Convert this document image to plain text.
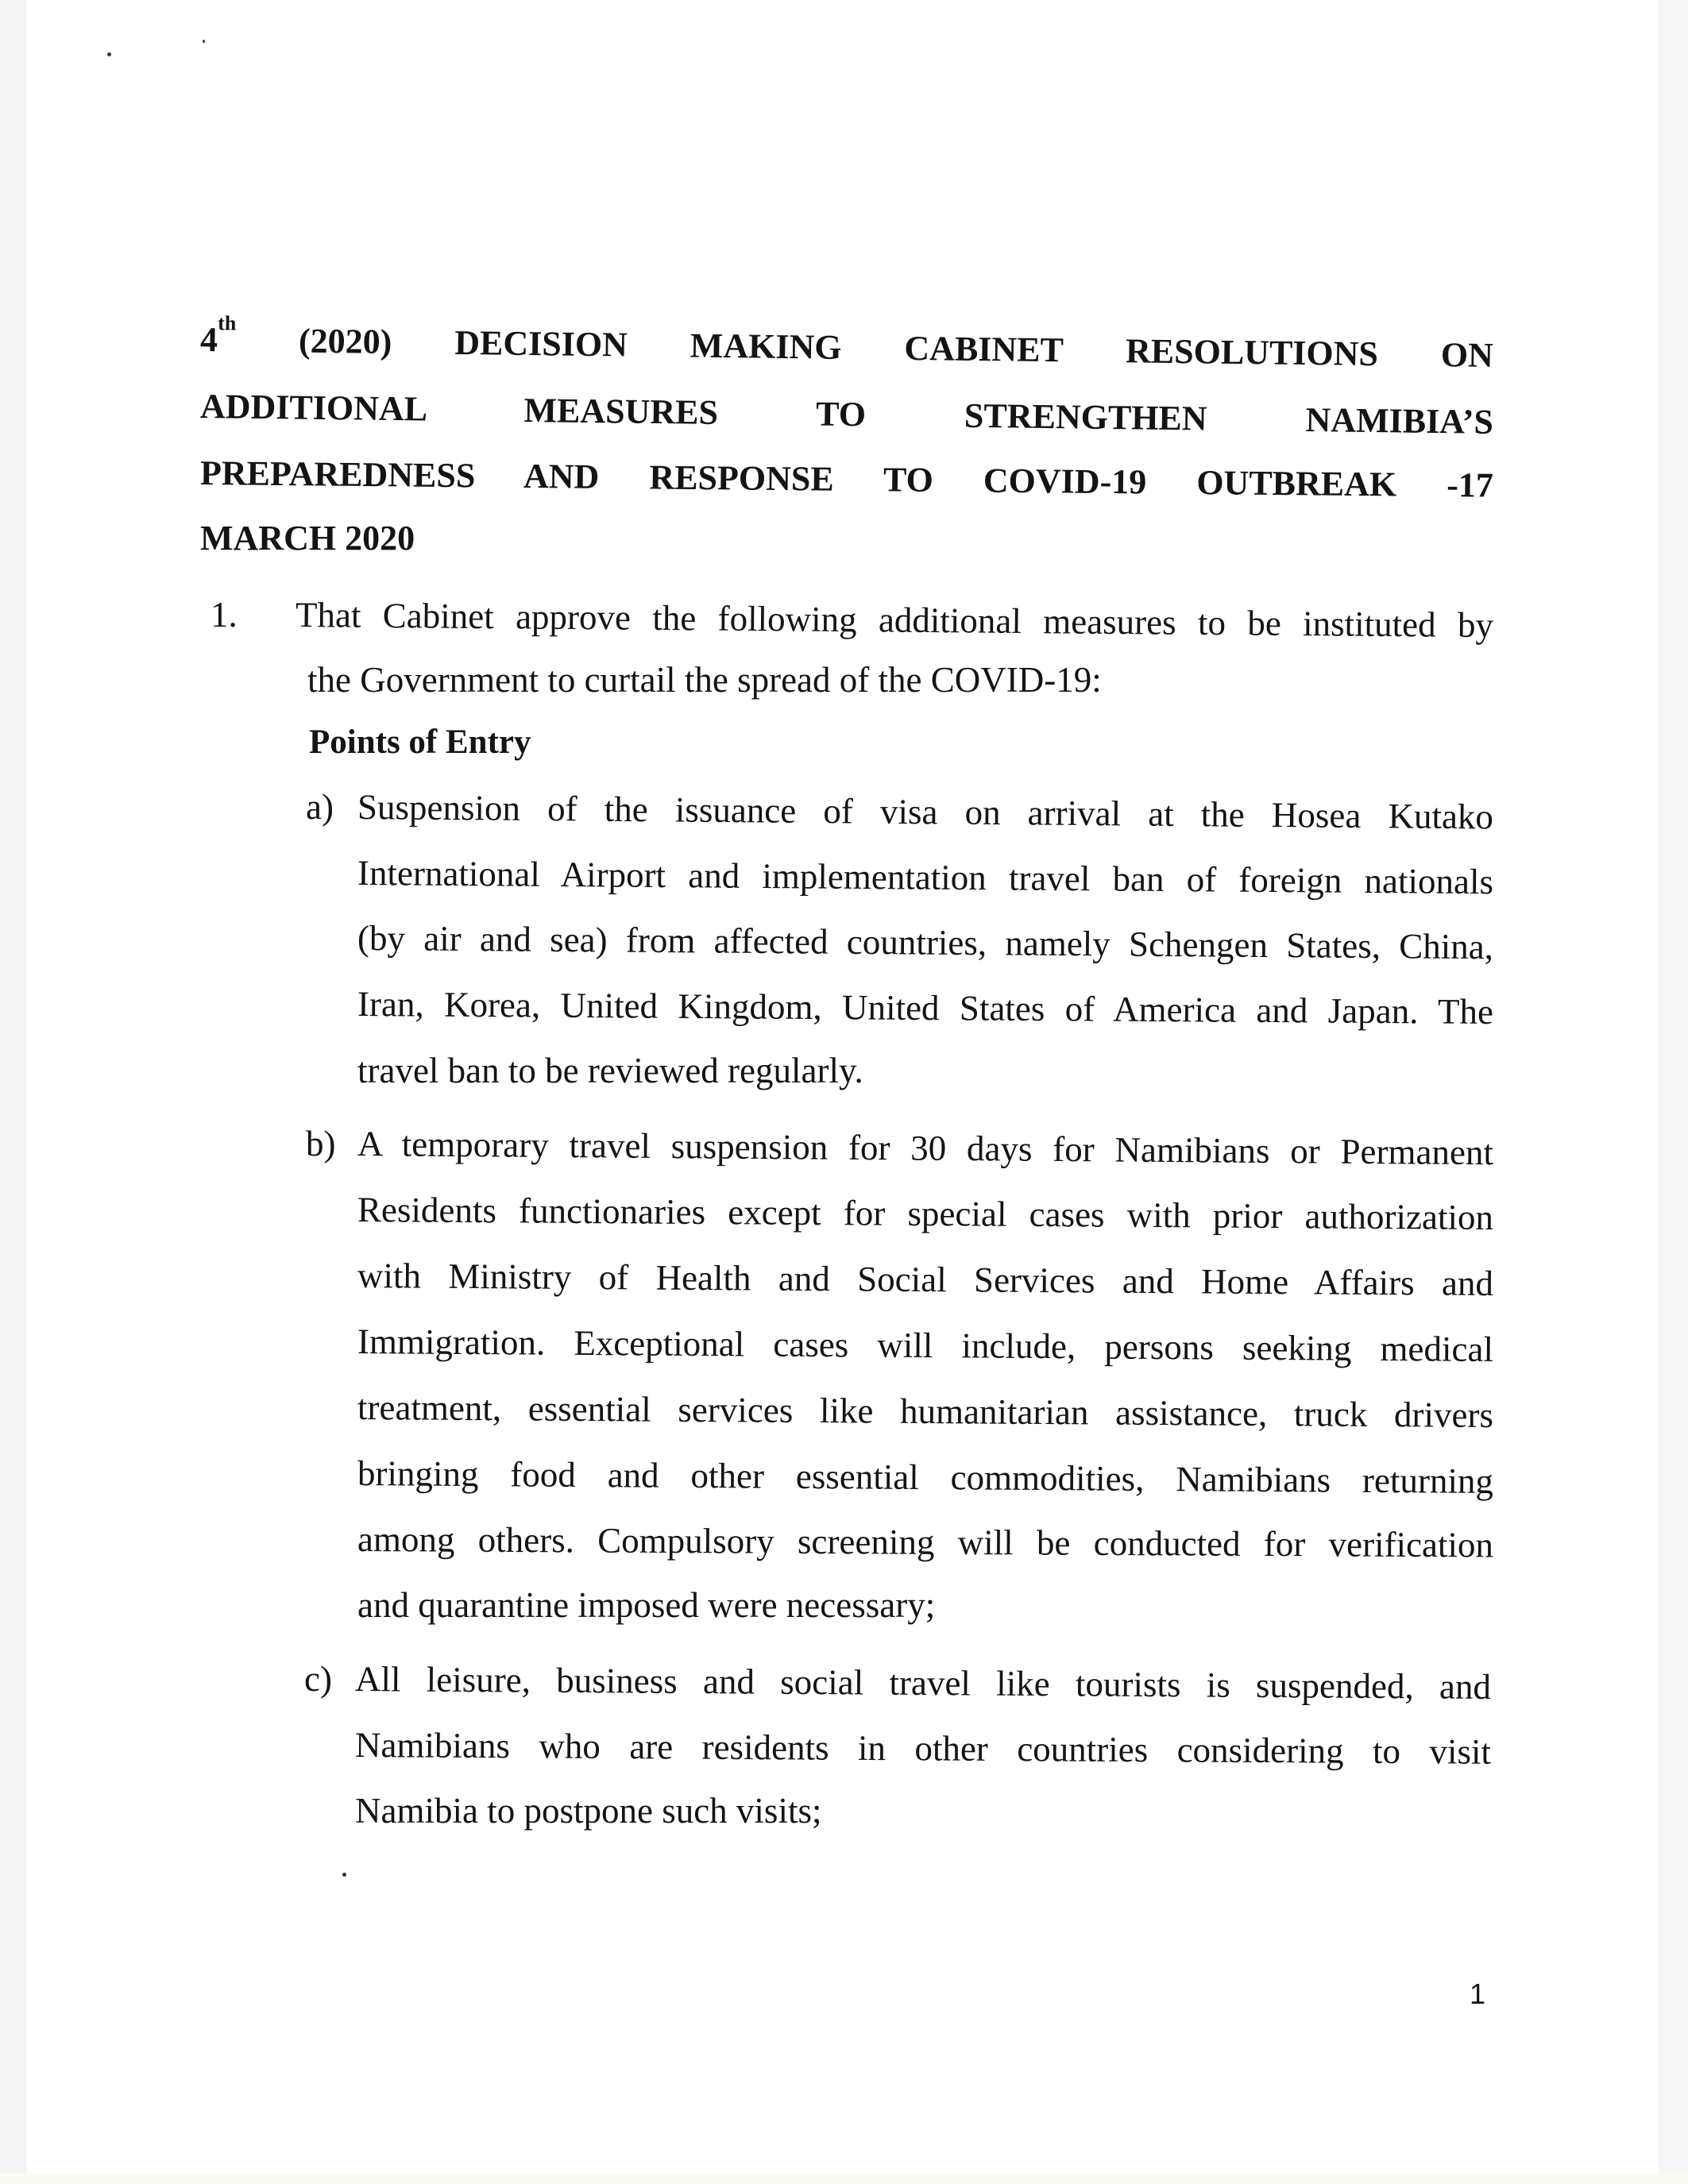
4th (2020) DECISION MAKING CABINET RESOLUTIONS ON
ADDITIONAL MEASURES TO STRENGTHEN NAMIBIA’S
PREPAREDNESS AND RESPONSE TO COVID-19 OUTBREAK -17
MARCH 2020
1. That Cabinet approve the following additional measures to be instituted by
the Government to curtail the spread of the COVID-19:
Points of Entry
a) Suspension of the issuance of visa on arrival at the Hosea Kutako
International Airport and implementation travel ban of foreign nationals
(by air and sea) from affected countries, namely Schengen States, China,
Iran, Korea, United Kingdom, United States of America and Japan. The
travel ban to be reviewed regularly.
b) A temporary travel suspension for 30 days for Namibians or Permanent
Residents functionaries except for special cases with prior authorization
with Ministry of Health and Social Services and Home Affairs and
Immigration. Exceptional cases will include, persons seeking medical
treatment, essential services like humanitarian assistance, truck drivers
bringing food and other essential commodities, Namibians returning
among others. Compulsory screening will be conducted for verification
and quarantine imposed were necessary;
c) All leisure, business and social travel like tourists is suspended, and
Namibians who are residents in other countries considering to visit
Namibia to postpone such visits;
1
